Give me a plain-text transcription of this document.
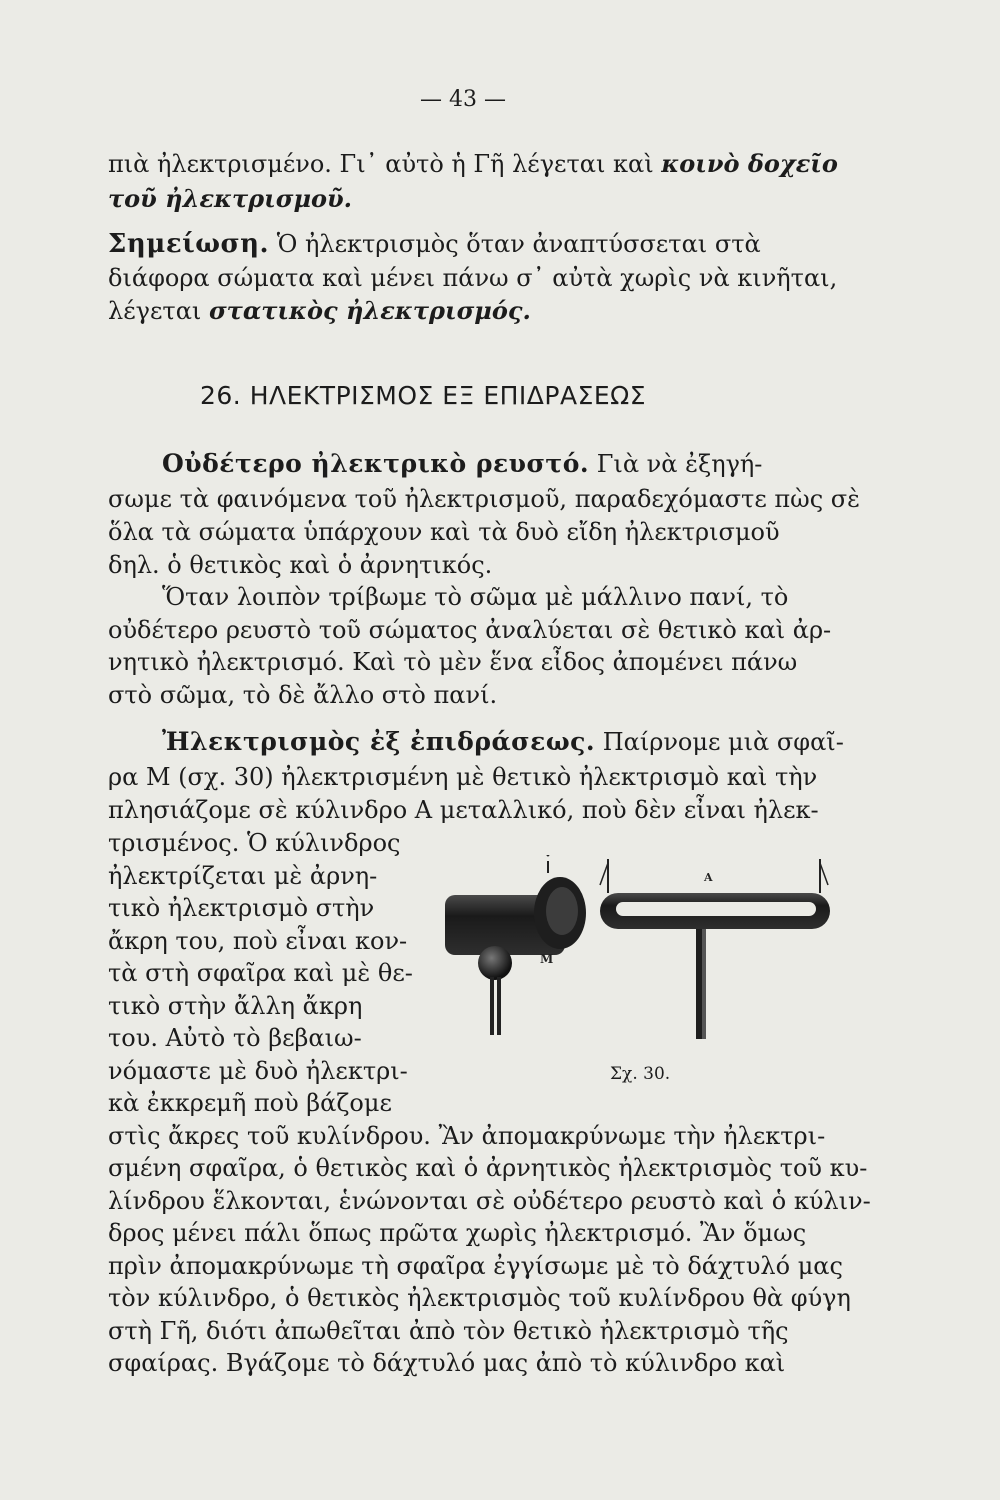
— 43 —
πιὰ ἠλεκτρισμένο. Γι᾽ αὐτὸ ἡ Γῆ λέγεται καὶ κοινὸ δοχεῖο
τοῦ ἠλεκτρισμοῦ.
Σημείωση. Ὁ ἠλεκτρισμὸς ὅταν ἀναπτύσσεται στὰ
διάφορα σώματα καὶ μένει πάνω σ᾽ αὐτὰ χωρὶς νὰ κινῆται,
λέγεται στατικὸς ἠλεκτρισμός.
26. ΗΛΕΚΤΡΙΣΜΟΣ ΕΞ ΕΠΙΔΡΑΣΕΩΣ
Οὐδέτερο ἠλεκτρικὸ ρευστό. Γιὰ νὰ ἐξηγή-
σωμε τὰ φαινόμενα τοῦ ἠλεκτρισμοῦ, παραδεχόμαστε πὼς σὲ
ὅλα τὰ σώματα ὑπάρχουν καὶ τὰ δυὸ εἴδη ἠλεκτρισμοῦ
δηλ. ὁ θετικὸς καὶ ὁ ἀρνητικός.
Ὅταν λοιπὸν τρίβωμε τὸ σῶμα μὲ μάλλινο πανί, τὸ
οὐδέτερο ρευστὸ τοῦ σώματος ἀναλύεται σὲ θετικὸ καὶ ἀρ-
νητικὸ ἠλεκτρισμό. Καὶ τὸ μὲν ἕνα εἶδος ἀπομένει πάνω
στὸ σῶμα, τὸ δὲ ἄλλο στὸ πανί.
Ἠλεκτρισμὸς ἐξ ἐπιδράσεως. Παίρνομε μιὰ σφαῖ-
ρα Μ (σχ. 30) ἠλεκτρισμένη μὲ θετικὸ ἠλεκτρισμὸ καὶ τὴν
πλησιάζομε σὲ κύλινδρο Α μεταλλικό, ποὺ δὲν εἶναι ἠλεκ-
τρισμένος. Ὁ κύλινδρος
ἠλεκτρίζεται μὲ ἀρνη-
τικὸ ἠλεκτρισμὸ στὴν
ἄκρη του, ποὺ εἶναι κον-
τὰ στὴ σφαῖρα καὶ μὲ θε-
τικὸ στὴν ἄλλη ἄκρη
του. Αὐτὸ τὸ βεβαιω-
νόμαστε μὲ δυὸ ἠλεκτρι-
κὰ ἐκκρεμῆ ποὺ βάζομε
στὶς ἄκρες τοῦ κυλίνδρου. Ἂν ἀπομακρύνωμε τὴν ἠλεκτρι-
σμένη σφαῖρα, ὁ θετικὸς καὶ ὁ ἀρνητικὸς ἠλεκτρισμὸς τοῦ κυ-
λίνδρου ἕλκονται, ἑνώνονται σὲ οὐδέτερο ρευστὸ καὶ ὁ κύλιν-
δρος μένει πάλι ὅπως πρῶτα χωρὶς ἠλεκτρισμό. Ἂν ὅμως
πρὶν ἀπομακρύνωμε τὴ σφαῖρα ἐγγίσωμε μὲ τὸ δάχτυλό μας
τὸν κύλινδρο, ὁ θετικὸς ἠλεκτρισμὸς τοῦ κυλίνδρου θὰ φύγη
στὴ Γῆ, διότι ἀπωθεῖται ἀπὸ τὸν θετικὸ ἠλεκτρισμὸ τῆς
σφαίρας. Βγάζομε τὸ δάχτυλό μας ἀπὸ τὸ κύλινδρο καὶ
•
Μ
Α
Σχ. 30.
